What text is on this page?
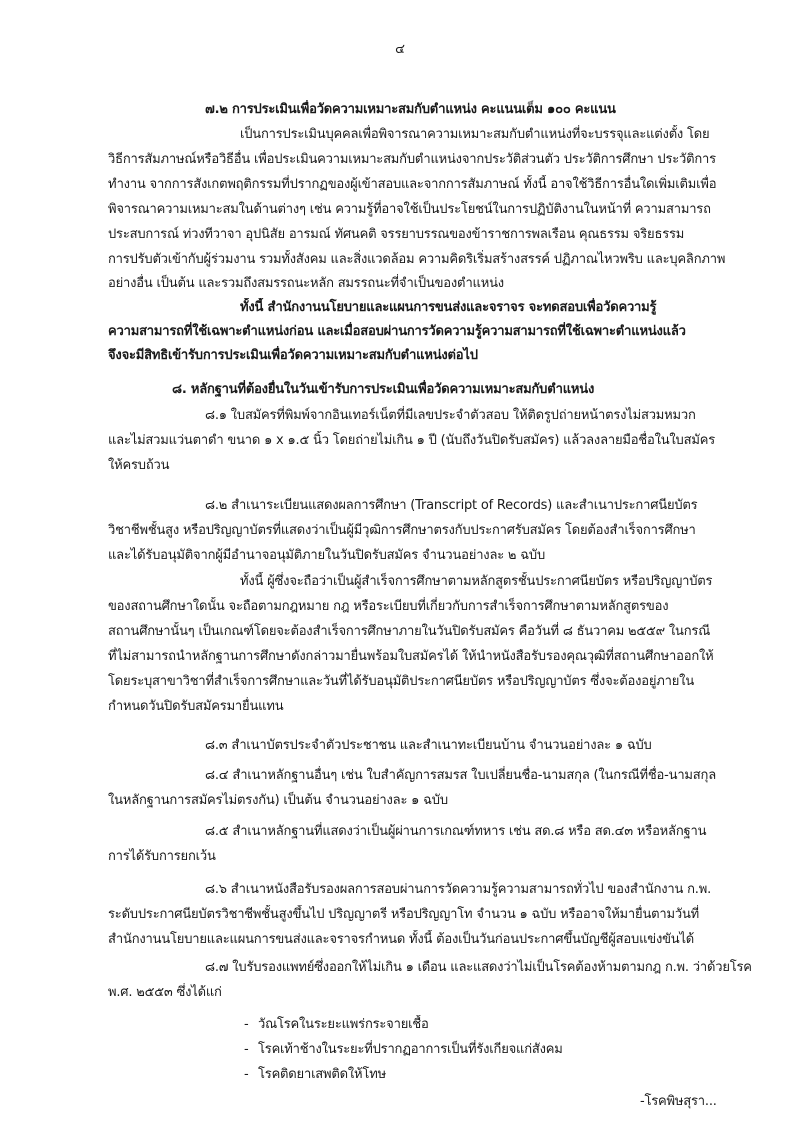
๔

๗.๒ การประเมินเพื่อวัดความเหมาะสมกับตำแหน่ง คะแนนเต็ม ๑๐๐ คะแนน

เป็นการประเมินบุคคลเพื่อพิจารณาความเหมาะสมกับตำแหน่งที่จะบรรจุและแต่งตั้ง โดย

วิธีการสัมภาษณ์หรือวิธีอื่น เพื่อประเมินความเหมาะสมกับตำแหน่งจากประวัติส่วนตัว ประวัติการศึกษา ประวัติการ

ทำงาน จากการสังเกตพฤติกรรมที่ปรากฏของผู้เข้าสอบและจากการสัมภาษณ์ ทั้งนี้ อาจใช้วิธีการอื่นใดเพิ่มเติมเพื่อ

พิจารณาความเหมาะสมในด้านต่างๆ เช่น ความรู้ที่อาจใช้เป็นประโยชน์ในการปฏิบัติงานในหน้าที่ ความสามารถ

ประสบการณ์ ท่วงทีวาจา อุปนิสัย อารมณ์ ทัศนคติ จรรยาบรรณของข้าราชการพลเรือน คุณธรรม จริยธรรม

การปรับตัวเข้ากับผู้ร่วมงาน รวมทั้งสังคม และสิ่งแวดล้อม ความคิดริเริ่มสร้างสรรค์ ปฏิภาณไหวพริบ และบุคลิกภาพ

อย่างอื่น เป็นต้น และรวมถึงสมรรถนะหลัก สมรรถนะที่จำเป็นของตำแหน่ง

ทั้งนี้ สำนักงานนโยบายและแผนการขนส่งและจราจร จะทดสอบเพื่อวัดความรู้

ความสามารถที่ใช้เฉพาะตำแหน่งก่อน และเมื่อสอบผ่านการวัดความรู้ความสามารถที่ใช้เฉพาะตำแหน่งแล้ว

จึงจะมีสิทธิเข้ารับการประเมินเพื่อวัดความเหมาะสมกับตำแหน่งต่อไป

๘. หลักฐานที่ต้องยื่นในวันเข้ารับการประเมินเพื่อวัดความเหมาะสมกับตำแหน่ง

๘.๑ ใบสมัครที่พิมพ์จากอินเทอร์เน็ตที่มีเลขประจำตัวสอบ ให้ติดรูปถ่ายหน้าตรงไม่สวมหมวก

และไม่สวมแว่นตาดำ ขนาด ๑ x ๑.๕ นิ้ว โดยถ่ายไม่เกิน ๑ ปี (นับถึงวันปิดรับสมัคร) แล้วลงลายมือชื่อในใบสมัคร

ให้ครบถ้วน

๘.๒ สำเนาระเบียนแสดงผลการศึกษา (Transcript of Records) และสำเนาประกาศนียบัตร

วิชาชีพชั้นสูง หรือปริญญาบัตรที่แสดงว่าเป็นผู้มีวุฒิการศึกษาตรงกับประกาศรับสมัคร โดยต้องสำเร็จการศึกษา

และได้รับอนุมัติจากผู้มีอำนาจอนุมัติภายในวันปิดรับสมัคร จำนวนอย่างละ ๒ ฉบับ

ทั้งนี้ ผู้ซึ่งจะถือว่าเป็นผู้สำเร็จการศึกษาตามหลักสูตรชั้นประกาศนียบัตร หรือปริญญาบัตร

ของสถานศึกษาใดนั้น จะถือตามกฎหมาย กฎ หรือระเบียบที่เกี่ยวกับการสำเร็จการศึกษาตามหลักสูตรของ

สถานศึกษานั้นๆ เป็นเกณฑ์โดยจะต้องสำเร็จการศึกษาภายในวันปิดรับสมัคร คือวันที่ ๘ ธันวาคม ๒๕๕๙ ในกรณี

ที่ไม่สามารถนำหลักฐานการศึกษาดังกล่าวมายื่นพร้อมใบสมัครได้ ให้นำหนังสือรับรองคุณวุฒิที่สถานศึกษาออกให้

โดยระบุสาขาวิชาที่สำเร็จการศึกษาและวันที่ได้รับอนุมัติประกาศนียบัตร หรือปริญญาบัตร ซึ่งจะต้องอยู่ภายใน

กำหนดวันปิดรับสมัครมายื่นแทน

๘.๓ สำเนาบัตรประจำตัวประชาชน และสำเนาทะเบียนบ้าน จำนวนอย่างละ ๑ ฉบับ

๘.๔ สำเนาหลักฐานอื่นๆ เช่น ใบสำคัญการสมรส ใบเปลี่ยนชื่อ-นามสกุล (ในกรณีที่ชื่อ-นามสกุล

ในหลักฐานการสมัครไม่ตรงกัน) เป็นต้น จำนวนอย่างละ ๑ ฉบับ

๘.๕ สำเนาหลักฐานที่แสดงว่าเป็นผู้ผ่านการเกณฑ์ทหาร เช่น สด.๘ หรือ สด.๔๓ หรือหลักฐาน

การได้รับการยกเว้น

๘.๖ สำเนาหนังสือรับรองผลการสอบผ่านการวัดความรู้ความสามารถทั่วไป ของสำนักงาน ก.พ.

ระดับประกาศนียบัตรวิชาชีพชั้นสูงขึ้นไป ปริญญาตรี หรือปริญญาโท จำนวน ๑ ฉบับ หรืออาจให้มายื่นตามวันที่

สำนักงานนโยบายและแผนการขนส่งและจราจรกำหนด ทั้งนี้ ต้องเป็นวันก่อนประกาศขึ้นบัญชีผู้สอบแข่งขันได้

๘.๗ ใบรับรองแพทย์ซึ่งออกให้ไม่เกิน ๑ เดือน และแสดงว่าไม่เป็นโรคต้องห้ามตามกฎ ก.พ. ว่าด้วยโรค

พ.ศ. ๒๕๕๓ ซึ่งได้แก่

- วัณโรคในระยะแพร่กระจายเชื้อ

- โรคเท้าช้างในระยะที่ปรากฏอาการเป็นที่รังเกียจแก่สังคม

- โรคติดยาเสพติดให้โทษ

-โรคพิษสุรา...
